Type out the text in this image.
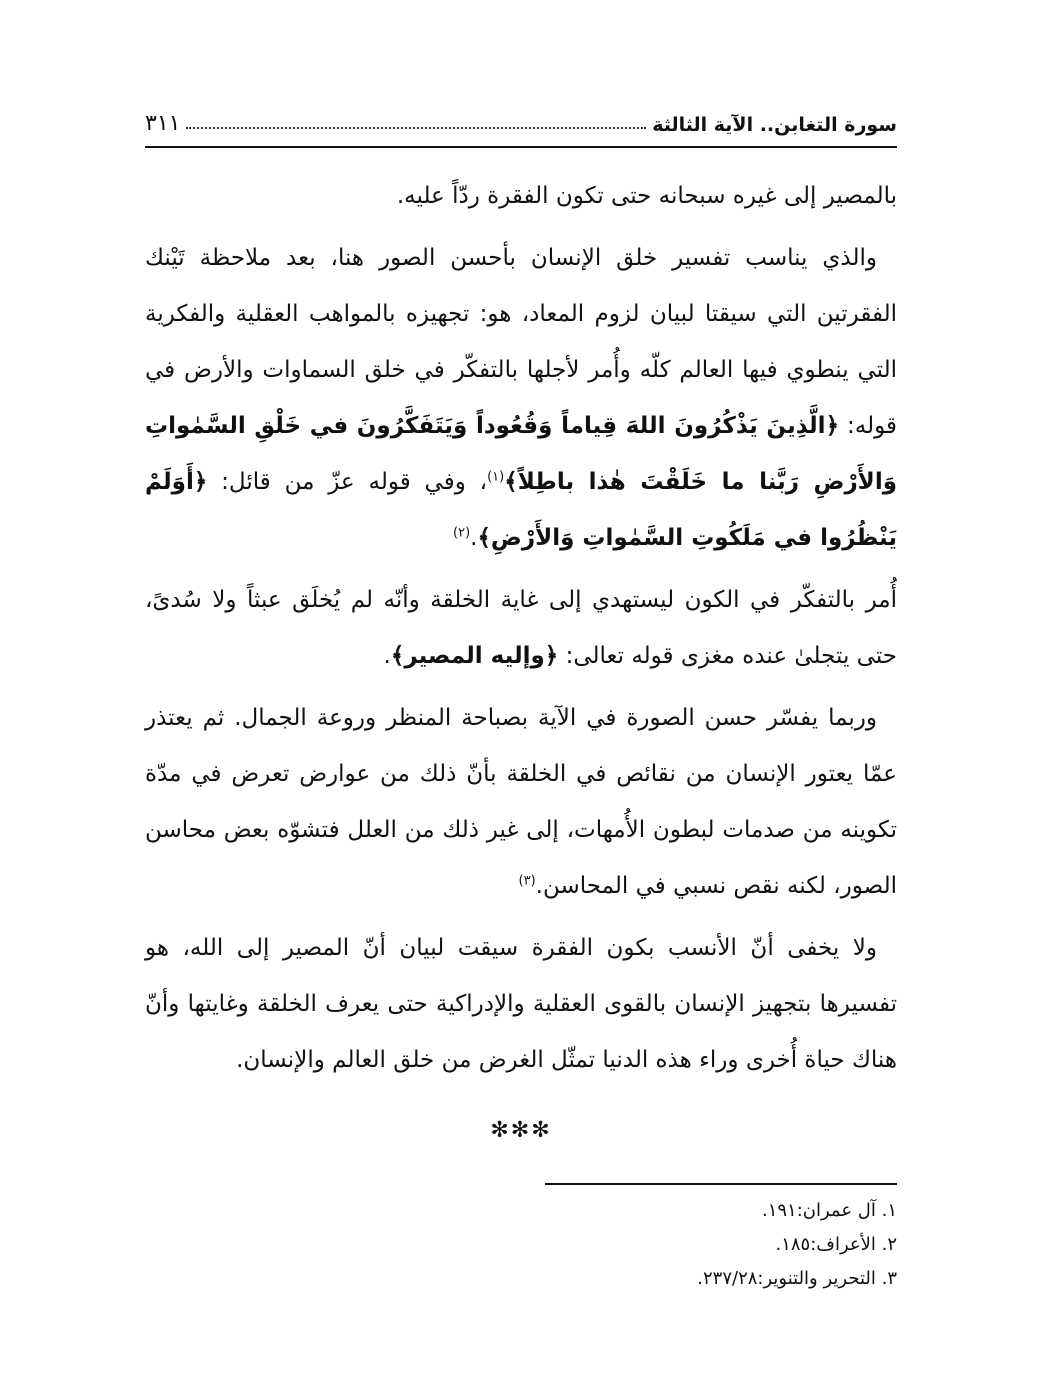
سورة التغابن.. الآية الثالثة
٣١١

بالمصير إلى غيره سبحانه حتى تكون الفقرة ردّاً عليه.

والذي يناسب تفسير خلق الإنسان بأحسن الصور هنا، بعد ملاحظة تَيْنك الفقرتين التي سيقتا لبيان لزوم المعاد، هو: تجهيزه بالمواهب العقلية والفكرية التي ينطوي فيها العالم كلّه وأُمر لأجلها بالتفكّر في خلق السماوات والأرض في قوله: ﴿الَّذِينَ يَذْكُرُونَ اللهَ قِياماً وَقُعُوداً وَيَتَفَكَّرُونَ في خَلْقِ السَّمٰواتِ وَالأَرْضِ رَبَّنا ما خَلَقْتَ هٰذا باطِلاً﴾$^{(١)}$، وفي قوله عزّ من قائل: ﴿أَوَلَمْ يَنْظُرُوا في مَلَكُوتِ السَّمٰواتِ وَالأَرْضِ﴾.$^{(٢)}$

أُمر بالتفكّر في الكون ليستهدي إلى غاية الخلقة وأنّه لم يُخلَق عبثاً ولا سُدىً، حتى يتجلىٰ عنده مغزى قوله تعالى: ﴿وإليه المصير﴾.

وربما يفسّر حسن الصورة في الآية بصباحة المنظر وروعة الجمال. ثم يعتذر عمّا يعتور الإنسان من نقائص في الخلقة بأنّ ذلك من عوارض تعرض في مدّة تكوينه من صدمات لبطون الأُمهات، إلى غير ذلك من العلل فتشوّه بعض محاسن الصور، لكنه نقص نسبي في المحاسن.$^{(٣)}$

ولا يخفى أنّ الأنسب بكون الفقرة سيقت لبيان أنّ المصير إلى الله، هو تفسيرها بتجهيز الإنسان بالقوى العقلية والإدراكية حتى يعرف الخلقة وغايتها وأنّ هناك حياة أُخرى وراء هذه الدنيا تمثّل الغرض من خلق العالم والإنسان.

✻✻✻

١. آل عمران:١٩١.

٢. الأعراف:١٨٥.

٣. التحرير والتنوير:٢٣٧/٢٨.
